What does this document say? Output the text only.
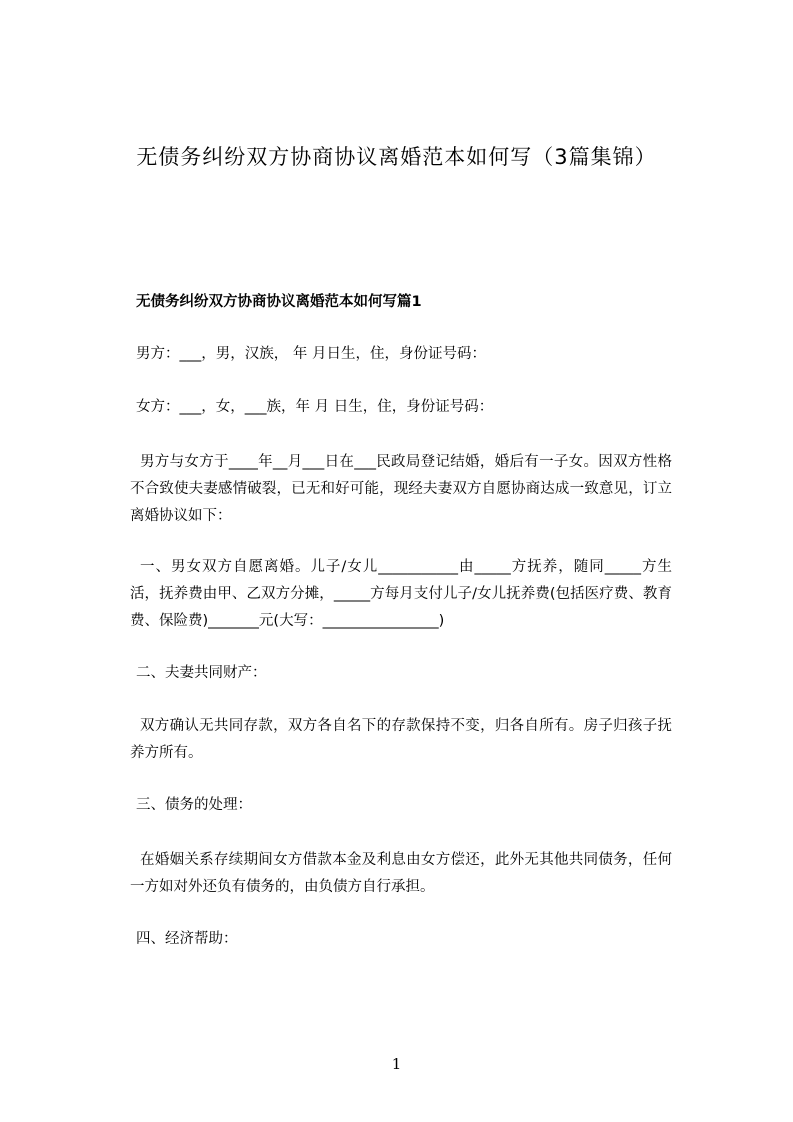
无债务纠纷双方协商协议离婚范本如何写（3篇集锦）
无债务纠纷双方协商协议离婚范本如何写篇1
男方：___，男，汉族， 年 月日生，住，身份证号码：
女方：___，女，___族，年 月 日生，住，身份证号码：
男方与女方于____年__月___日在___民政局登记结婚，婚后有一子女。因双方性格不合致使夫妻感情破裂，已无和好可能，现经夫妻双方自愿协商达成一致意见，订立离婚协议如下：
一、男女双方自愿离婚。儿子/女儿___________由_____方抚养，随同_____方生活，抚养费由甲、乙双方分摊，_____方每月支付儿子/女儿抚养费(包括医疗费、教育费、保险费)_______元(大写：________________)
二、夫妻共同财产：
双方确认无共同存款，双方各自名下的存款保持不变，归各自所有。房子归孩子抚养方所有。
三、债务的处理：
在婚姻关系存续期间女方借款本金及利息由女方偿还，此外无其他共同债务，任何一方如对外还负有债务的，由负债方自行承担。
四、经济帮助：
1
